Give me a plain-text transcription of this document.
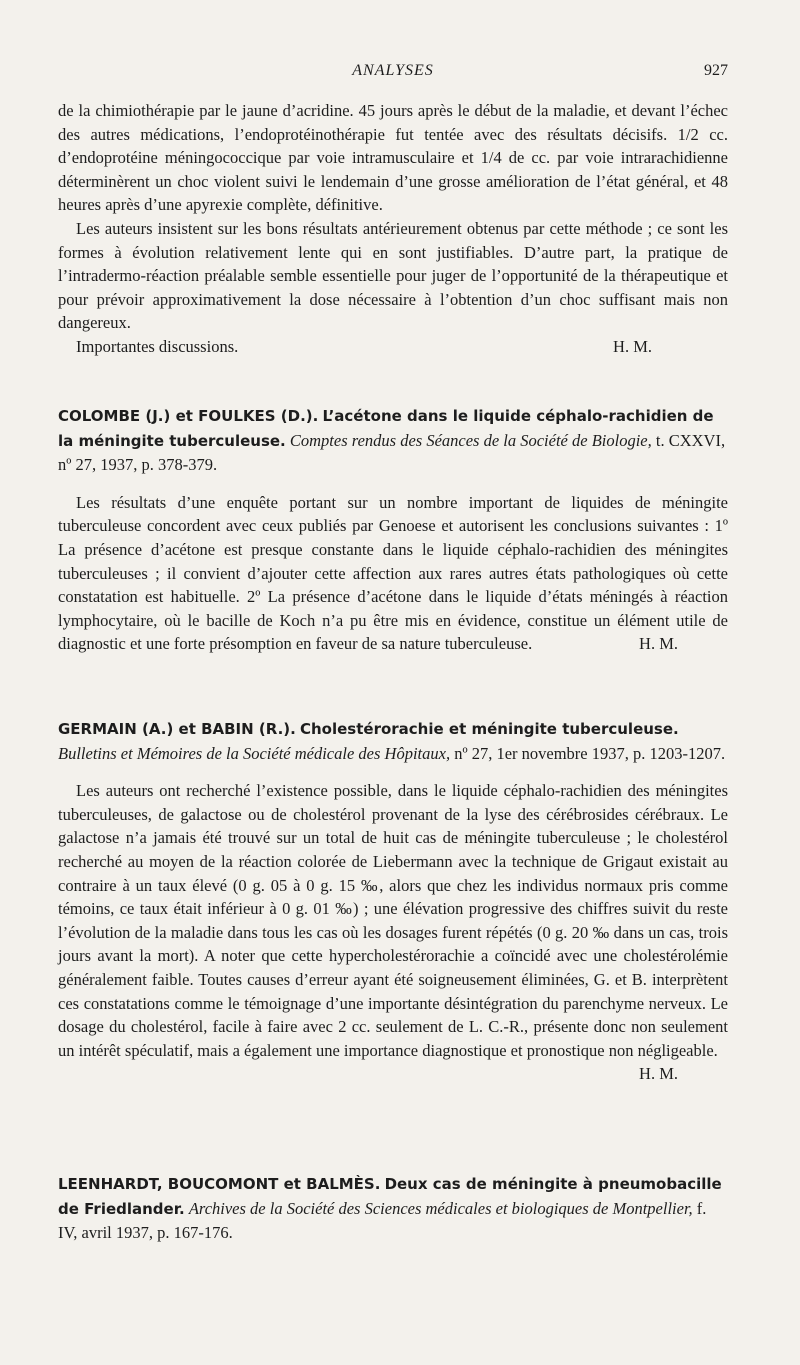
ANALYSES	927

de la chimiothérapie par le jaune d’acridine. 45 jours après le début de la maladie, et devant l’échec des autres médications, l’endoprotéinothérapie fut tentée avec des résultats décisifs. 1/2 cc. d’endoprotéine méningococcique par voie intramusculaire et 1/4 de cc. par voie intrarachidienne déterminèrent un choc violent suivi le lendemain d’une grosse amélioration de l’état général, et 48 heures après d’une apyrexie complète, définitive.

Les auteurs insistent sur les bons résultats antérieurement obtenus par cette méthode ; ce sont les formes à évolution relativement lente qui en sont justifiables. D’autre part, la pratique de l’intradermo-réaction préalable semble essentielle pour juger de l’opportunité de la thérapeutique et pour prévoir approximativement la dose nécessaire à l’obtention d’un choc suffisant mais non dangereux.

Importantes discussions.	H. M.
COLOMBE (J.) et FOULKES (D.). L’acétone dans le liquide céphalo-rachidien de la méningite tuberculeuse. Comptes rendus des Séances de la Société de Biologie, t. CXXVI, nº 27, 1937, p. 378-379.

Les résultats d’une enquête portant sur un nombre important de liquides de méningite tuberculeuse concordent avec ceux publiés par Genoese et autorisent les conclusions suivantes : 1º La présence d’acétone est presque constante dans le liquide céphalo-rachidien des méningites tuberculeuses ; il convient d’ajouter cette affection aux rares autres états pathologiques où cette constatation est habituelle. 2º La présence d’acétone dans le liquide d’états méningés à réaction lymphocytaire, où le bacille de Koch n’a pu être mis en évidence, constitue un élément utile de diagnostic et une forte présomption en faveur de sa nature tuberculeuse.	H. M.

GERMAIN (A.) et BABIN (R.). Cholestérorachie et méningite tuberculeuse. Bulletins et Mémoires de la Société médicale des Hôpitaux, nº 27, 1er novembre 1937, p. 1203-1207.

Les auteurs ont recherché l’existence possible, dans le liquide céphalo-rachidien des méningites tuberculeuses, de galactose ou de cholestérol provenant de la lyse des cérébrosides cérébraux. Le galactose n’a jamais été trouvé sur un total de huit cas de méningite tuberculeuse ; le cholestérol recherché au moyen de la réaction colorée de Liebermann avec la technique de Grigaut existait au contraire à un taux élevé (0 g. 05 à 0 g. 15 ‰, alors que chez les individus normaux pris comme témoins, ce taux était inférieur à 0 g. 01 ‰) ; une élévation progressive des chiffres suivit du reste l’évolution de la maladie dans tous les cas où les dosages furent répétés (0 g. 20 ‰ dans un cas, trois jours avant la mort). A noter que cette hypercholestérorachie a coïncidé avec une cholestérolémie généralement faible. Toutes causes d’erreur ayant été soigneusement éliminées, G. et B. interprètent ces constatations comme le témoignage d’une importante désintégration du parenchyme nerveux. Le dosage du cholestérol, facile à faire avec 2 cc. seulement de L. C.-R., présente donc non seulement un intérêt spéculatif, mais a également une importance diagnostique et pronostique non négligeable.
H. M.

LEENHARDT, BOUCOMONT et BALMÈS. Deux cas de méningite à pneumobacille de Friedlander. Archives de la Société des Sciences médicales et biologiques de Montpellier, f. IV, avril 1937, p. 167-176.
